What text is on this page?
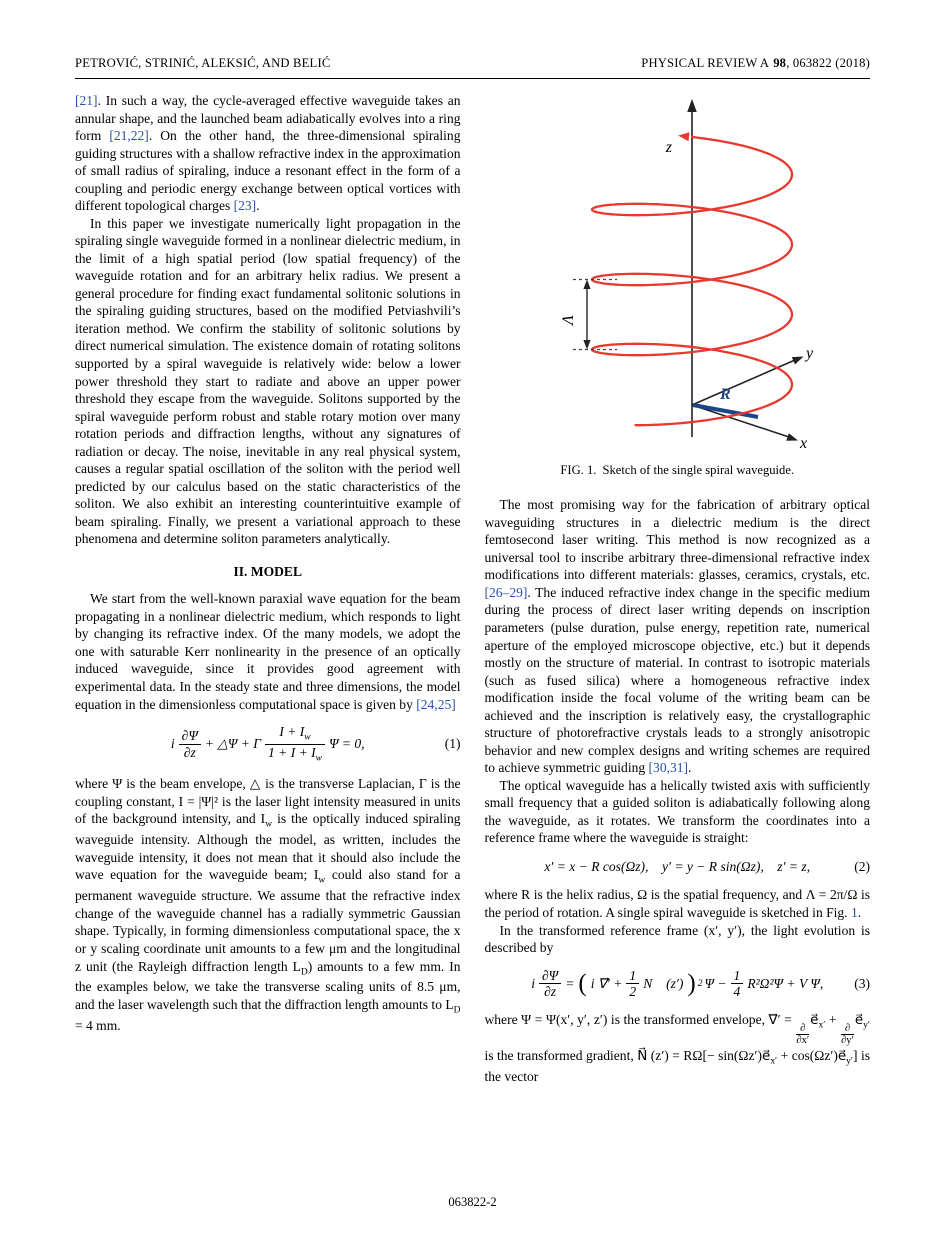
PETROVIĆ, STRINIĆ, ALEKSIĆ, AND BELIĆ	PHYSICAL REVIEW A 98, 063822 (2018)

[21]. In such a way, the cycle-averaged effective waveguide takes an annular shape, and the launched beam adiabatically evolves into a ring form [21,22]. On the other hand, the three-dimensional spiraling guiding structures with a shallow refractive index in the approximation of small radius of spiraling, induce a resonant effect in the form of a coupling and periodic energy exchange between optical vortices with different topological charges [23].

In this paper we investigate numerically light propagation in the spiraling single waveguide formed in a nonlinear dielectric medium, in the limit of a high spatial period (low spatial frequency) of the waveguide rotation and for an arbitrary helix radius. We present a general procedure for finding exact fundamental solitonic solutions in the spiraling guiding structures, based on the modified Petviashvili’s iteration method. We confirm the stability of solitonic solutions by direct numerical simulation. The existence domain of rotating solitons supported by a spiral waveguide is relatively wide: below a lower power threshold they start to radiate and above an upper power threshold they escape from the waveguide. Solitons supported by the spiral waveguide perform robust and stable rotary motion over many rotation periods and diffraction lengths, without any signatures of radiation or decay. The noise, inevitable in any real physical system, causes a regular spatial oscillation of the soliton with the period well predicted by our calculus based on the static characteristics of the soliton. We also exhibit an interesting counterintuitive example of beam spiraling. Finally, we present a variational approach to these phenomena and determine soliton parameters analytically.

II. MODEL

We start from the well-known paraxial wave equation for the beam propagating in a nonlinear dielectric medium, which responds to light by changing its refractive index. Of the many models, we adopt the one with saturable Kerr nonlinearity in the presence of an optically induced waveguide, since it provides good agreement with experimental data. In the steady state and three dimensions, the model equation in the dimensionless computational space is given by [24,25]

i $\frac{\partial\Psi}{\partial z}$ + △Ψ + Γ $\frac{I + I_w}{1 + I + I_w}$ Ψ = 0,	(1)

where Ψ is the beam envelope, △ is the transverse Laplacian, Γ is the coupling constant, I = |Ψ|² is the laser light intensity measured in units of the background intensity, and $I_w$ is the optically induced spiraling waveguide intensity. Although the model, as written, includes the waveguide intensity, it does not mean that it should also include the wave equation for the waveguide beam; $I_w$ could also stand for a permanent waveguide structure. We assume that the refractive index change of the waveguide channel has a radially symmetric Gaussian shape. Typically, in forming dimensionless computational space, the x or y scaling coordinate unit amounts to a few μm and the longitudinal z unit (the Rayleigh diffraction length $L_D$) amounts to a few mm. In the examples below, we take the transverse scaling units of 8.5 μm, and the laser wavelength such that the diffraction length amounts to $L_D = 4$ mm.

z
y
x
Λ
R
FIG. 1. Sketch of the single spiral waveguide.

The most promising way for the fabrication of arbitrary optical waveguiding structures in a dielectric medium is the direct femtosecond laser writing. This method is now recognized as a universal tool to inscribe arbitrary three-dimensional refractive index modifications into different materials: glasses, ceramics, crystals, etc. [26–29]. The induced refractive index change in the specific medium during the process of direct laser writing depends on inscription parameters (pulse duration, pulse energy, repetition rate, numerical aperture of the employed microscope objective, etc.) but it depends mostly on the structure of material. In contrast to isotropic materials (such as fused silica) where a homogeneous refractive index modification inside the focal volume of the writing beam can be achieved and the inscription is relatively easy, the crystallographic structure of photorefractive crystals leads to a strongly anisotropic behavior and new complex designs and writing schemes are required to achieve symmetric guiding [30,31].

The optical waveguide has a helically twisted axis with sufficiently small frequency that a guided soliton is adiabatically following along the waveguide, as it rotates. We transform the coordinates into a reference frame where the waveguide is straight:

x′ = x − R cos(Ωz), y′ = y − R sin(Ωz), z′ = z,	(2)

where R is the helix radius, Ω is the spatial frequency, and Λ = 2π/Ω is the period of rotation. A single spiral waveguide is sketched in Fig. 1.

In the transformed reference frame (x′, y′), the light evolution is described by

i $\frac{\partial\Psi}{\partial z}$ = ( i ∇⃗′ + $\frac{1}{2}$ N⃗ (z′) ) 2 $\Psi - \frac{1}{4} R^2\Omega^2\Psi + V$ Ψ, (3)

where Ψ = Ψ(x′, y′, z′) is the transformed envelope, ∇⃗′ =
$\frac{\partial}{\partial x'}$
$e⃗_{x'}$ +
$\frac{\partial}{\partial y'}$
$e⃗_{y'}$ is the transformed gradient, N⃗ $(z') = R\Omega[- \sin(\Omega z')e⃗_{x'}$ + $\cos(\Omega z')e⃗_{y'}$] is the vector

063822-2
